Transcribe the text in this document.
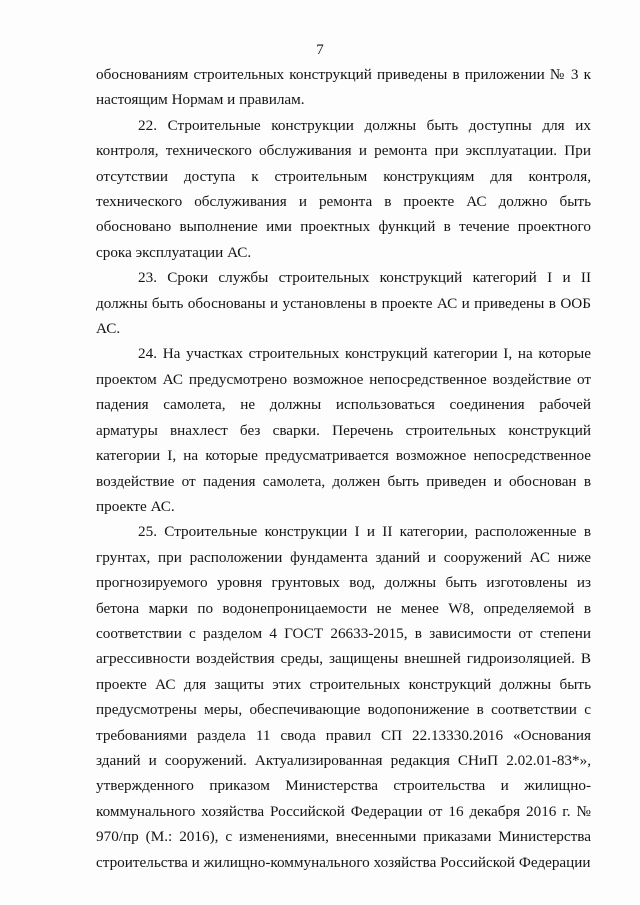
7

обоснованиям строительных конструкций приведены в приложении № 3 к настоящим Нормам и правилам.

22. Строительные конструкции должны быть доступны для их контроля, технического обслуживания и ремонта при эксплуатации. При отсутствии доступа к строительным конструкциям для контроля, технического обслуживания и ремонта в проекте АС должно быть обосновано выполнение ими проектных функций в течение проектного срока эксплуатации АС.

23. Сроки службы строительных конструкций категорий I и II должны быть обоснованы и установлены в проекте АС и приведены в ООБ АС.

24. На участках строительных конструкций категории I, на которые проектом АС предусмотрено возможное непосредственное воздействие от падения самолета, не должны использоваться соединения рабочей арматуры внахлест без сварки. Перечень строительных конструкций категории I, на которые предусматривается возможное непосредственное воздействие от падения самолета, должен быть приведен и обоснован в проекте АС.

25. Строительные конструкции I и II категории, расположенные в грунтах, при расположении фундамента зданий и сооружений АС ниже прогнозируемого уровня грунтовых вод, должны быть изготовлены из бетона марки по водонепроницаемости не менее W8, определяемой в соответствии с разделом 4 ГОСТ 26633-2015, в зависимости от степени агрессивности воздействия среды, защищены внешней гидроизоляцией. В проекте АС для защиты этих строительных конструкций должны быть предусмотрены меры, обеспечивающие водопонижение в соответствии с требованиями раздела 11 свода правил СП 22.13330.2016 «Основания зданий и сооружений. Актуализированная редакция СНиП 2.02.01-83*», утвержденного приказом Министерства строительства и жилищно-коммунального хозяйства Российской Федерации от 16 декабря 2016 г. № 970/пр (М.: 2016), с изменениями, внесенными приказами Министерства строительства и жилищно-коммунального хозяйства Российской Федерации
